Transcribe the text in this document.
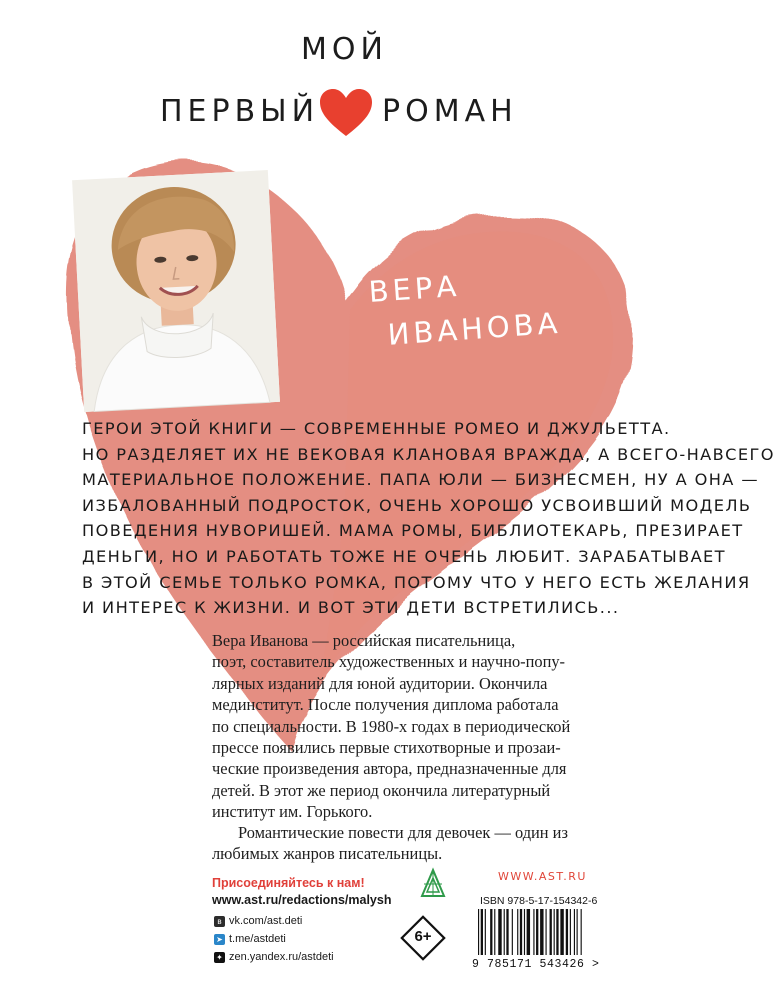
МОЙ
ПЕРВЫЙ РОМАН
ВЕРА
ИВАНОВА
ГЕРОИ ЭТОЙ КНИГИ — СОВРЕМЕННЫЕ РОМЕО И ДЖУЛЬЕТТА.
НО РАЗДЕЛЯЕТ ИХ НЕ ВЕКОВАЯ КЛАНОВАЯ ВРАЖДА, А ВСЕГО-НАВСЕГО
МАТЕРИАЛЬНОЕ ПОЛОЖЕНИЕ. ПАПА ЮЛИ — БИЗНЕСМЕН, НУ А ОНА —
ИЗБАЛОВАННЫЙ ПОДРОСТОК, ОЧЕНЬ ХОРОШО УСВОИВШИЙ МОДЕЛЬ
ПОВЕДЕНИЯ НУВОРИШЕЙ. МАМА РОМЫ, БИБЛИОТЕКАРЬ, ПРЕЗИРАЕТ
ДЕНЬГИ, НО И РАБОТАТЬ ТОЖЕ НЕ ОЧЕНЬ ЛЮБИТ. ЗАРАБАТЫВАЕТ
В ЭТОЙ СЕМЬЕ ТОЛЬКО РОМКА, ПОТОМУ ЧТО У НЕГО ЕСТЬ ЖЕЛАНИЯ
И ИНТЕРЕС К ЖИЗНИ. И ВОТ ЭТИ ДЕТИ ВСТРЕТИЛИСЬ...

Вера Иванова — российская писательница,
поэт, составитель художественных и научно-попу-
лярных изданий для юной аудитории. Окончила
мединститут. После получения диплома работала
по специальности. В 1980-х годах в периодической
прессе появились первые стихотворные и прозаи-
ческие произведения автора, предназначенные для
детей. В этот же период окончила литературный
институт им. Горького.

Романтические повести для девочек — один из
любимых жанров писательницы.
Присоединяйтесь к нам!
www.ast.ru/redactions/malysh
в vk.com/ast.deti
➤ t.me/astdeti
✦ zen.yandex.ru/astdeti
6+
WWW.AST.RU
ISBN 978-5-17-154342-6
9 785171 543426 >
